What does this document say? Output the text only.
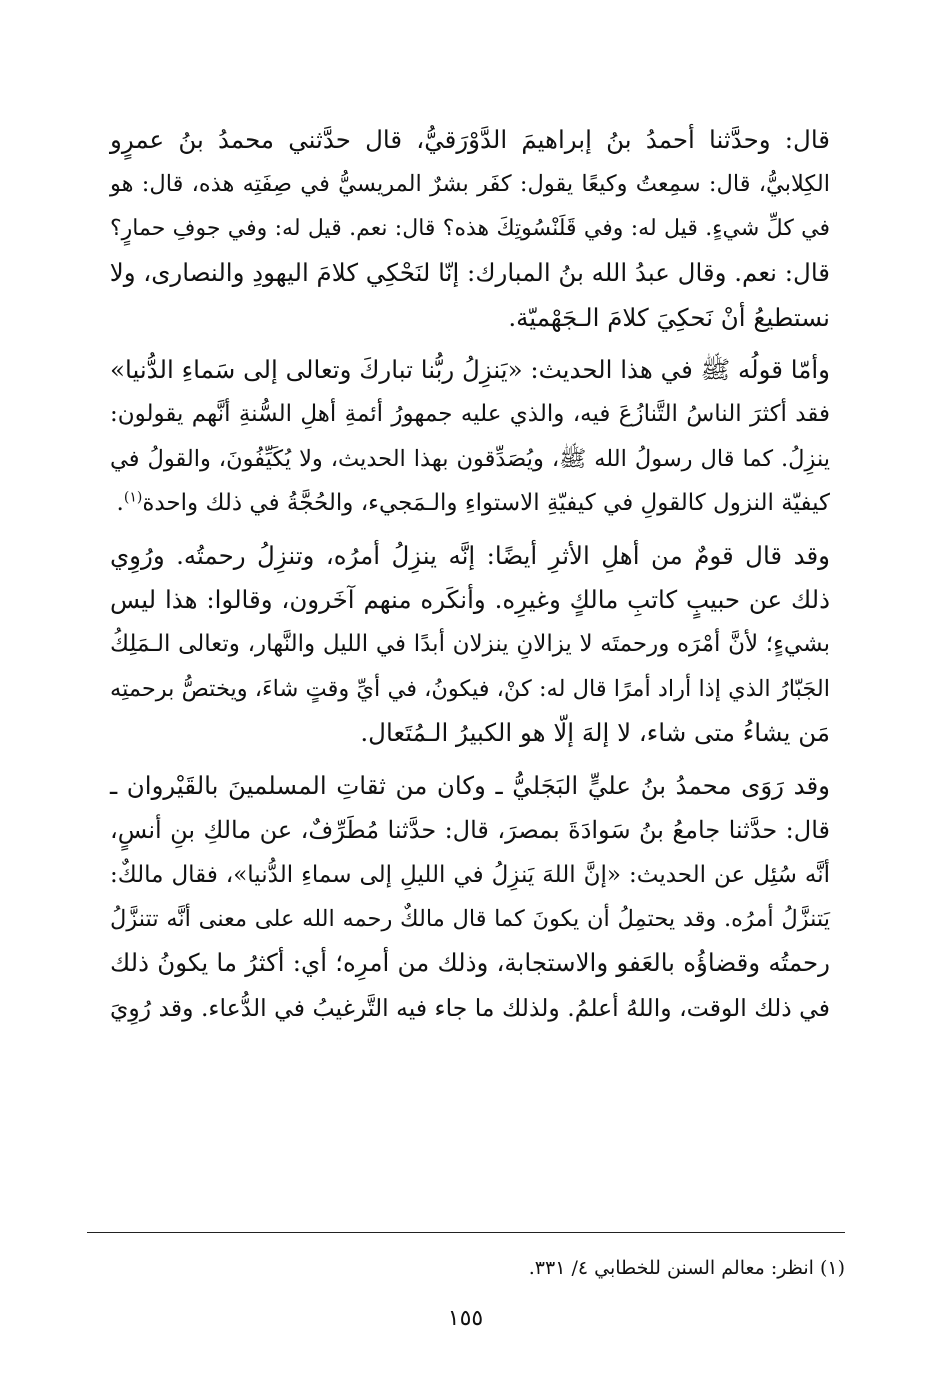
قال: وحدَّثنا أحمدُ بنُ إبراهيمَ الدَّوْرَقيُّ، قال حدَّثني محمدُ بنُ عمرٍو
الكِلابيُّ، قال: سمِعتُ وكيعًا يقول: كفَر بشرٌ المريسيُّ في صِفَتِه هذه، قال: هو
في كلِّ شيءٍ. قيل له: وفي قَلَنْسُوتِكَ هذه؟ قال: نعم. قيل له: وفي جوفِ حمارٍ؟
قال: نعم. وقال عبدُ الله بنُ المبارك: إنّا لنَحْكِي كلامَ اليهودِ والنصارى، ولا
نستطيعُ أنْ نَحكِيَ كلامَ الـجَهْميّة.
وأمّا قولُه ﷺ في هذا الحديث: «يَنزِلُ ربُّنا تباركَ وتعالى إلى سَماءِ الدُّنيا»
فقد أكثرَ الناسُ التَّنازُعَ فيه، والذي عليه جمهورُ أئمةِ أهلِ السُّنةِ أنَّهم يقولون:
ينزِلُ. كما قال رسولُ الله ﷺ، ويُصَدِّقون بهذا الحديث، ولا يُكَيِّفُونَ، والقولُ في
كيفيّة النزول كالقولِ في كيفيّةِ الاستواءِ والـمَجيء، والحُجَّةُ في ذلك واحدة$^{(١)}$.
وقد قال قومٌ من أهلِ الأثرِ أيضًا: إنَّه ينزِلُ أمرُه، وتنزِلُ رحمتُه. ورُوِي
ذلك عن حبيبٍ كاتبِ مالكٍ وغيرِه. وأنكَره منهم آخَرون، وقالوا: هذا ليس
بشيءٍ؛ لأنَّ أمْرَه ورحمتَه لا يزالانِ ينزلان أبدًا في الليل والنَّهار، وتعالى الـمَلِكُ
الجَبّارُ الذي إذا أراد أمرًا قال له: كنْ، فيكونُ، في أيِّ وقتٍ شاءَ، ويختصُّ برحمتِه
مَن يشاءُ متى شاء، لا إلهَ إلّا هو الكبيرُ الـمُتَعال.
وقد رَوَى محمدُ بنُ عليٍّ البَجَليُّ ـ وكان من ثقاتِ المسلمينَ بالقَيْروان ـ
قال: حدَّثنا جامعُ بنُ سَوادَةَ بمصرَ، قال: حدَّثنا مُطَرِّفٌ، عن مالكِ بنِ أنسٍ،
أنَّه سُئِل عن الحديث: «إنَّ اللهَ يَنزِلُ في الليلِ إلى سماءِ الدُّنيا»، فقال مالكٌ:
يَتنزَّلُ أمرُه. وقد يحتمِلُ أن يكونَ كما قال مالكٌ رحمه الله على معنى أنَّه تتنزَّلُ
رحمتُه وقضاؤُه بالعَفو والاستجابة، وذلك من أمرِه؛ أي: أكثرُ ما يكونُ ذلك
في ذلك الوقت، واللهُ أعلمُ. ولذلك ما جاء فيه التَّرغيبُ في الدُّعاء. وقد رُوِيَ
(١) انظر: معالم السنن للخطابي ٤/ ٣٣١.
١٥٥
